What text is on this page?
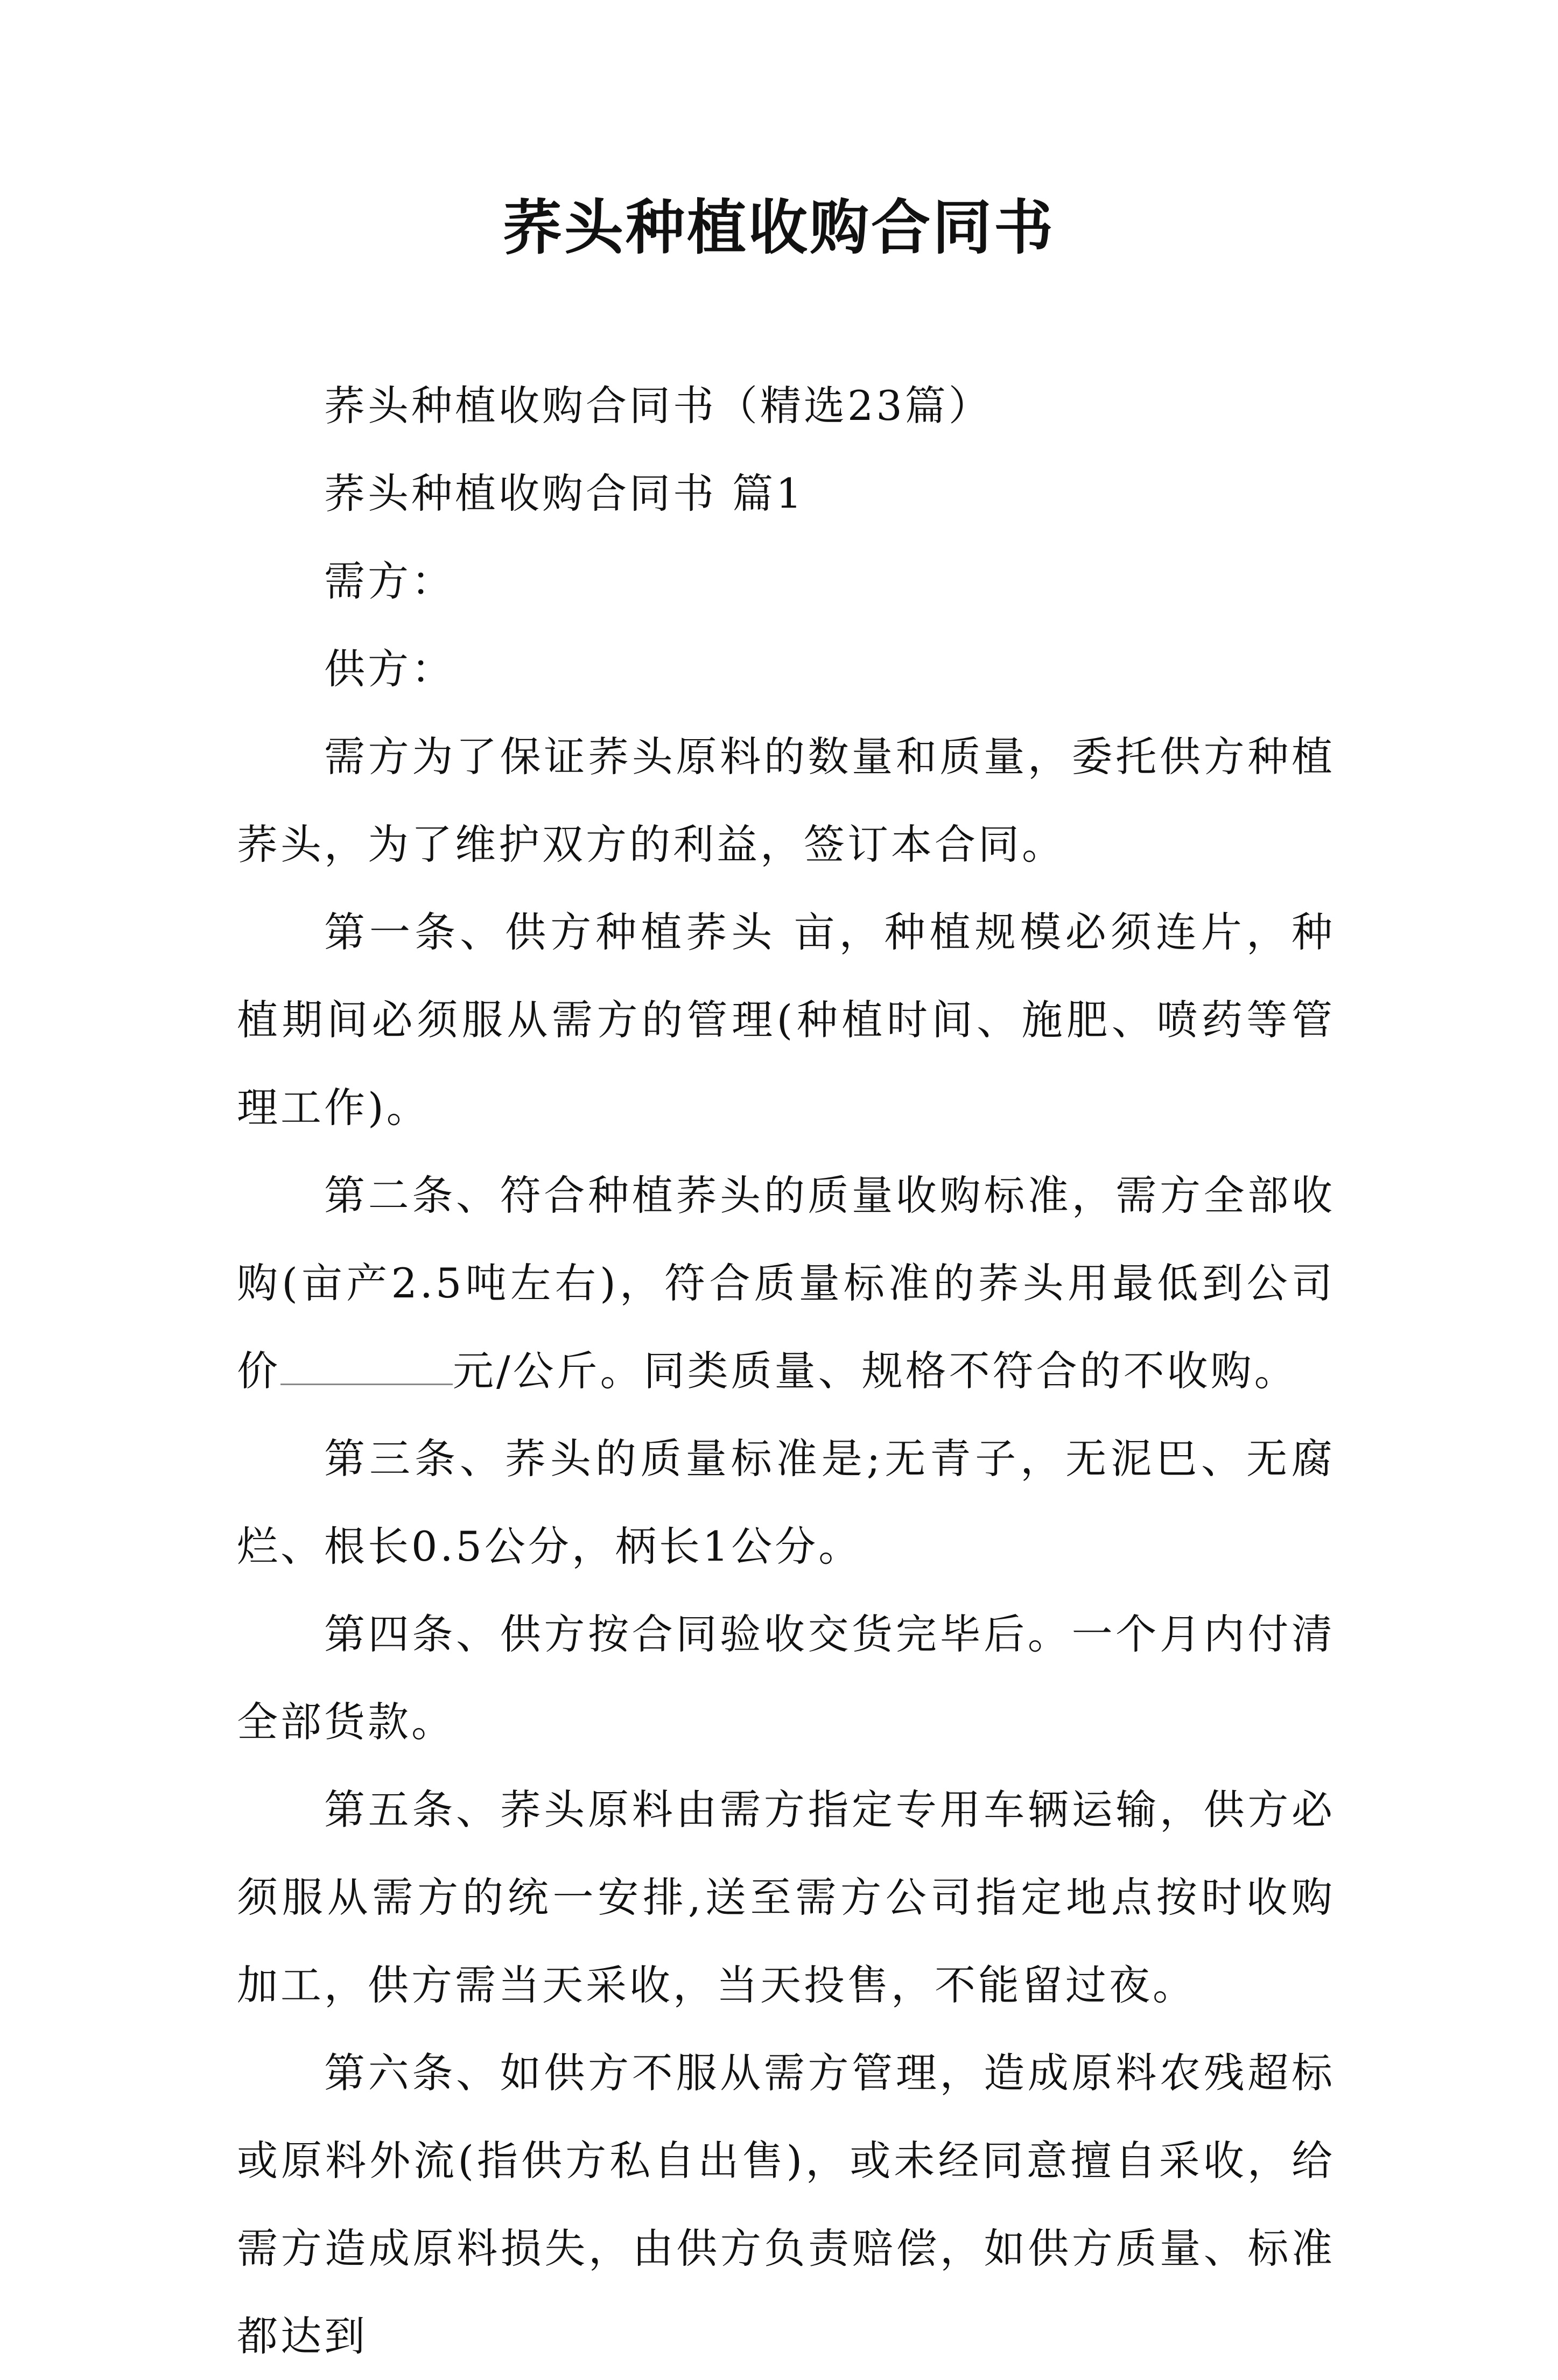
荞头种植收购合同书

荞头种植收购合同书（精选23篇）

荞头种植收购合同书 篇1

需方：

供方：

需方为了保证荞头原料的数量和质量，委托供方种植荞头，为了维护双方的利益，签订本合同。

第一条、供方种植荞头 亩，种植规模必须连片，种植期间必须服从需方的管理(种植时间、施肥、喷药等管理工作)。

第二条、符合种植荞头的质量收购标准，需方全部收购(亩产2.5吨左右)，符合质量标准的荞头用最低到公司价	元/公斤。同类质量、规格不符合的不收购。

第三条、荞头的质量标准是;无青子，无泥巴、无腐烂、根长0.5公分，柄长1公分。

第四条、供方按合同验收交货完毕后。一个月内付清全部货款。

第五条、荞头原料由需方指定专用车辆运输，供方必须服从需方的统一安排,送至需方公司指定地点按时收购加工，供方需当天采收，当天投售，不能留过夜。

第六条、如供方不服从需方管理，造成原料农残超标或原料外流(指供方私自出售)，或未经同意擅自采收，给需方造成原料损失，由供方负责赔偿，如供方质量、标准都达到
